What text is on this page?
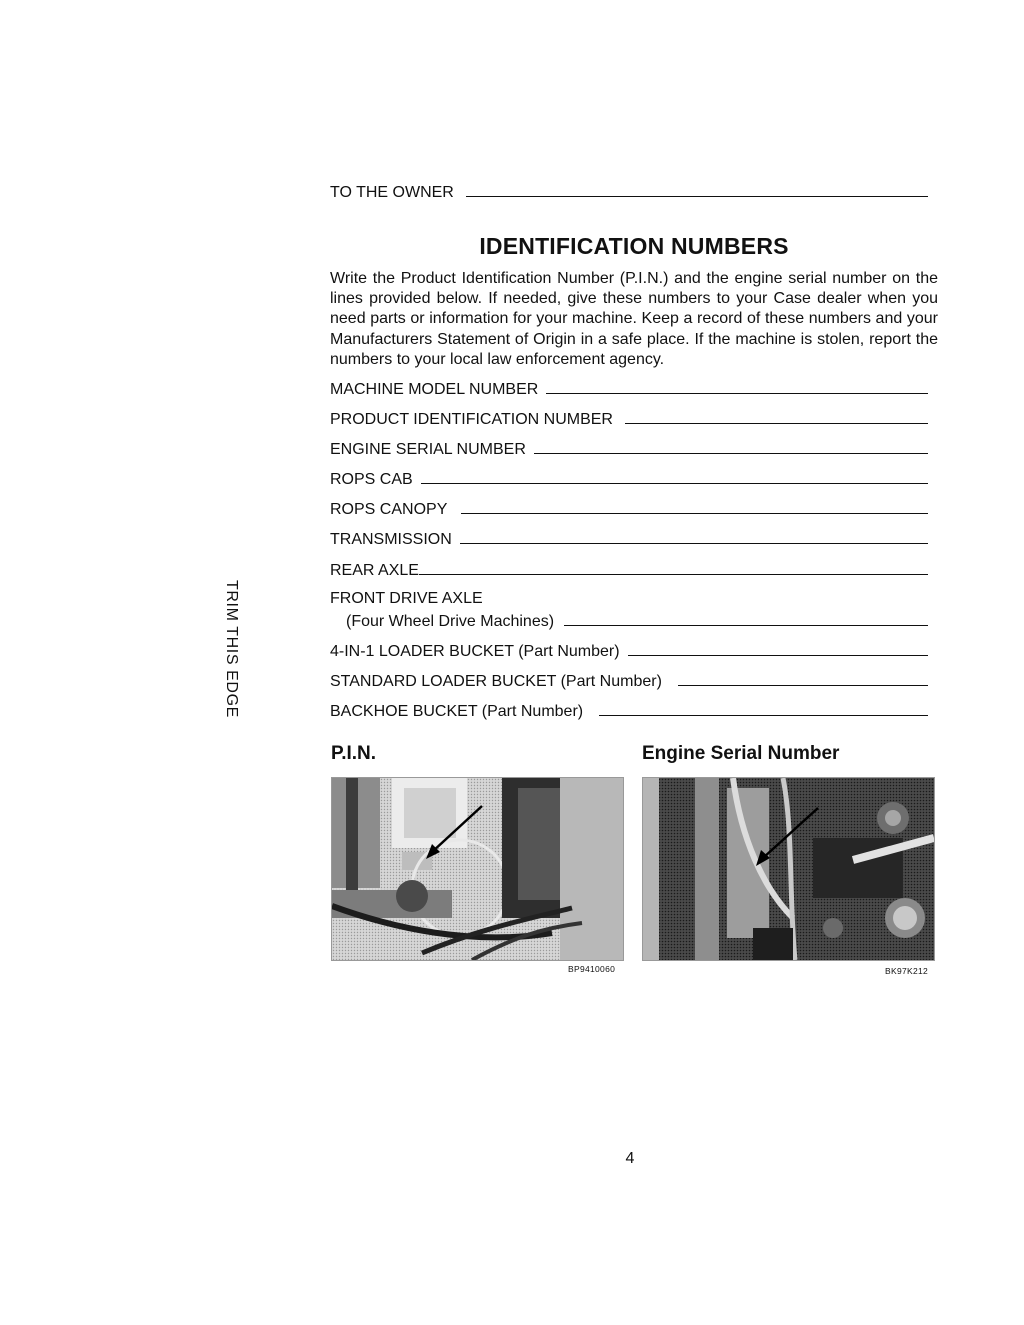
TO THE OWNER
IDENTIFICATION NUMBERS
Write the Product Identification Number (P.I.N.) and the engine serial number on the lines provided below. If needed, give these numbers to your Case dealer when you need parts or information for your machine. Keep a record of these numbers and your Manufacturers Statement of Origin in a safe place. If the machine is stolen, report the numbers to your local law enforcement agency.
MACHINE MODEL NUMBER
PRODUCT IDENTIFICATION NUMBER
ENGINE SERIAL NUMBER
ROPS CAB
ROPS CANOPY
TRANSMISSION
REAR AXLE
FRONT DRIVE AXLE
(Four Wheel Drive Machines)
4-IN-1 LOADER BUCKET (Part Number)
STANDARD LOADER BUCKET (Part Number)
BACKHOE BUCKET (Part Number)
TRIM THIS EDGE
P.I.N.
BP9410060
Engine Serial Number
BK97K212
4
